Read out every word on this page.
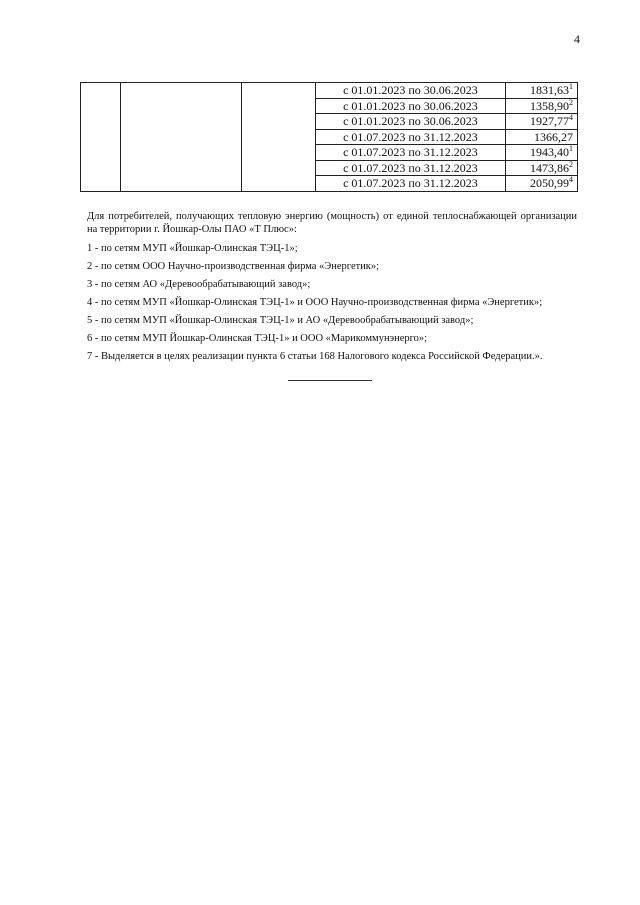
4
			с 01.01.2023 по 30.06.2023	1831,63$^1$
			с 01.01.2023 по 30.06.2023	1358,90$^2$
			с 01.01.2023 по 30.06.2023	1927,77$^4$
			с 01.07.2023 по 31.12.2023	1366,27
			с 01.07.2023 по 31.12.2023	1943,40$^1$
			с 01.07.2023 по 31.12.2023	1473,86$^2$
			с 01.07.2023 по 31.12.2023	2050,99$^4$

Для потребителей, получающих тепловую энергию (мощность) от единой теплоснабжающей организации на территории г. Йошкар-Олы ПАО «Т Плюс»:

1 - по сетям МУП «Йошкар-Олинская ТЭЦ-1»;

2 - по сетям ООО Научно-производственная фирма «Энергетик»;

3 - по сетям АО «Деревообрабатывающий завод»;

4 - по сетям МУП «Йошкар-Олинская ТЭЦ-1» и ООО Научно-производственная фирма «Энергетик»;

5 - по сетям МУП «Йошкар-Олинская ТЭЦ-1» и АО «Деревообрабатывающий завод»;

6 - по сетям МУП Йошкар-Олинская ТЭЦ-1» и ООО «Марикоммунэнерго»;

7 - Выделяется в целях реализации пункта 6 статьи 168 Налогового кодекса Российской Федерации.».
